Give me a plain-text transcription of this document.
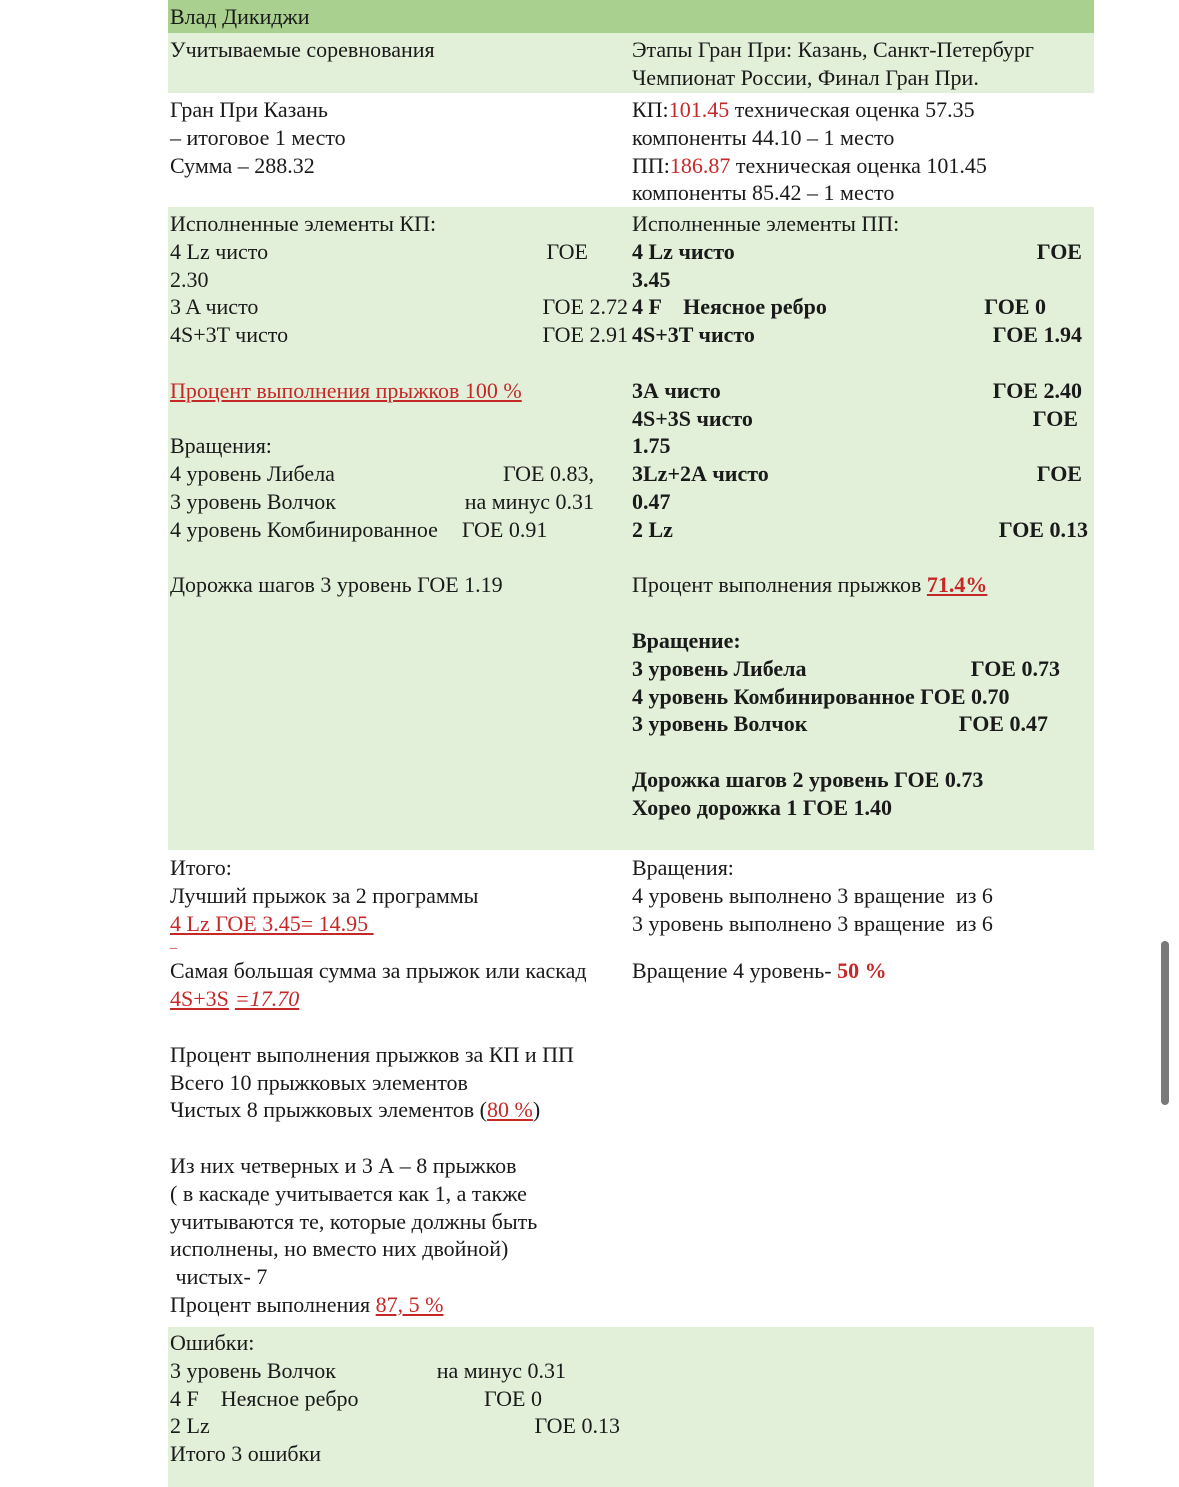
Влад Дикиджи
Учитываемые соревнования	Этапы Гран При: Казань, Санкт-Петербург
Чемпионат России, Финал Гран При.
Гран При Казань
– итоговое 1 место
Сумма – 288.32
КП: 101.45 техническая оценка 57.35
компоненты 44.10 – 1 место
ПП: 186.87 техническая оценка 101.45
компоненты 85.42 – 1 место
Исполненные элементы КП:
4 Lz чисто	ГОЕ
2.30
3 A чисто	ГОЕ 2.72
4S+3T чисто	ГОЕ 2.91
Процент выполнения прыжков 100 %
Вращения:
4 уровень Либела	ГОЕ 0.83,
3 уровень Волчок	на минус 0.31
4 уровень Комбинированное ГОЕ 0.91
Дорожка шагов 3 уровень ГОЕ 1.19
Исполненные элементы ПП:
4 Lz чисто	ГОЕ
3.45
4 F    Неясное ребро	ГОЕ 0
4S+3T чисто	ГОЕ 1.94
3А чисто	ГОЕ 2.40
4S+3S чисто	ГОЕ
1.75
3Lz+2А чисто	ГОЕ
0.47
2 Lz	ГОЕ 0.13
Процент выполнения прыжков 71.4%
Вращение:
3 уровень Либела	ГОЕ 0.73
4 уровень Комбинированное ГОЕ 0.70
3 уровень Волчок	ГОЕ 0.47
Дорожка шагов 2 уровень ГОЕ 0.73
Хорео дорожка 1 ГОЕ 1.40
Итого:
Лучший прыжок за 2 программы
4 Lz ГОЕ 3.45= 14.95
_
Самая большая сумма за прыжок или каскад
4S+3S =17.70
Процент выполнения прыжков за КП и ПП
Всего 10 прыжковых элементов
Чистых 8 прыжковых элементов ( 80 % )
Из них четверных и 3 А – 8 прыжков
( в каскаде учитывается как 1, а также
учитываются те, которые должны быть
исполнены, но вместо них двойной)
чистых- 7
Процент выполнения 87, 5 %
Вращения:
4 уровень выполнено 3 вращение  из 6
3 уровень выполнено 3 вращение  из 6
Вращение 4 уровень- 50 %
Ошибки:
3 уровень Волчок	на минус 0.31
4 F    Неясное ребро	ГОЕ 0
2 Lz	ГОЕ 0.13
Итого 3 ошибки
